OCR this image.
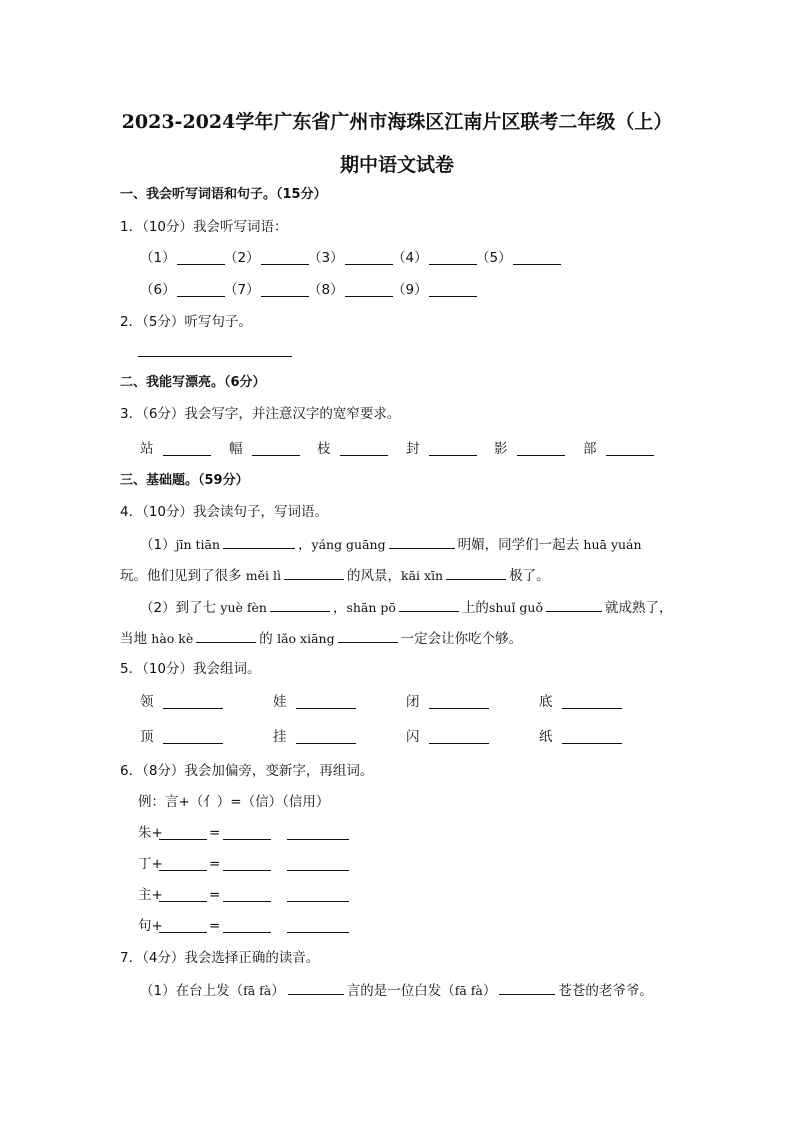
2023-2024学年广东省广州市海珠区江南片区联考二年级（上）
期中语文试卷
一、我会听写词语和句子。（15分）
1．（10分）我会听写词语：
（1）	（2）	（3）	（4）	（5）
（6）	（7）	（8）	（9）
2．（5分）听写句子。
二、我能写漂亮。（6分）
3．（6分）我会写字，并注意汉字的宽窄要求。
站	幅	枝	封	影	部
三、基础题。（59分）
4．（10分）我会读句子，写词语。
（1）jīn tiān	，yáng guāng	明媚，同学们一起去 huā yuán
玩。他们见到了很多 měi lì	的风景，kāi xīn	极了。
（2）到了七 yuè fèn	，shān pō	上的shuǐ guǒ	就成熟了，
当地 hào kè	的 lǎo xiāng	一定会让你吃个够。
5．（10分）我会组词。
领	娃	闭	底
顶	挂	闪	纸
6．（8分）我会加偏旁，变新字，再组词。
例：言+（亻）=（信）（信用）
朱+	=
丁+	=
主+	=
句+	=
7．（4分）我会选择正确的读音。
（1）在台上发（fā fà）	言的是一位白发（fā fà）	苍苍的老爷爷。
